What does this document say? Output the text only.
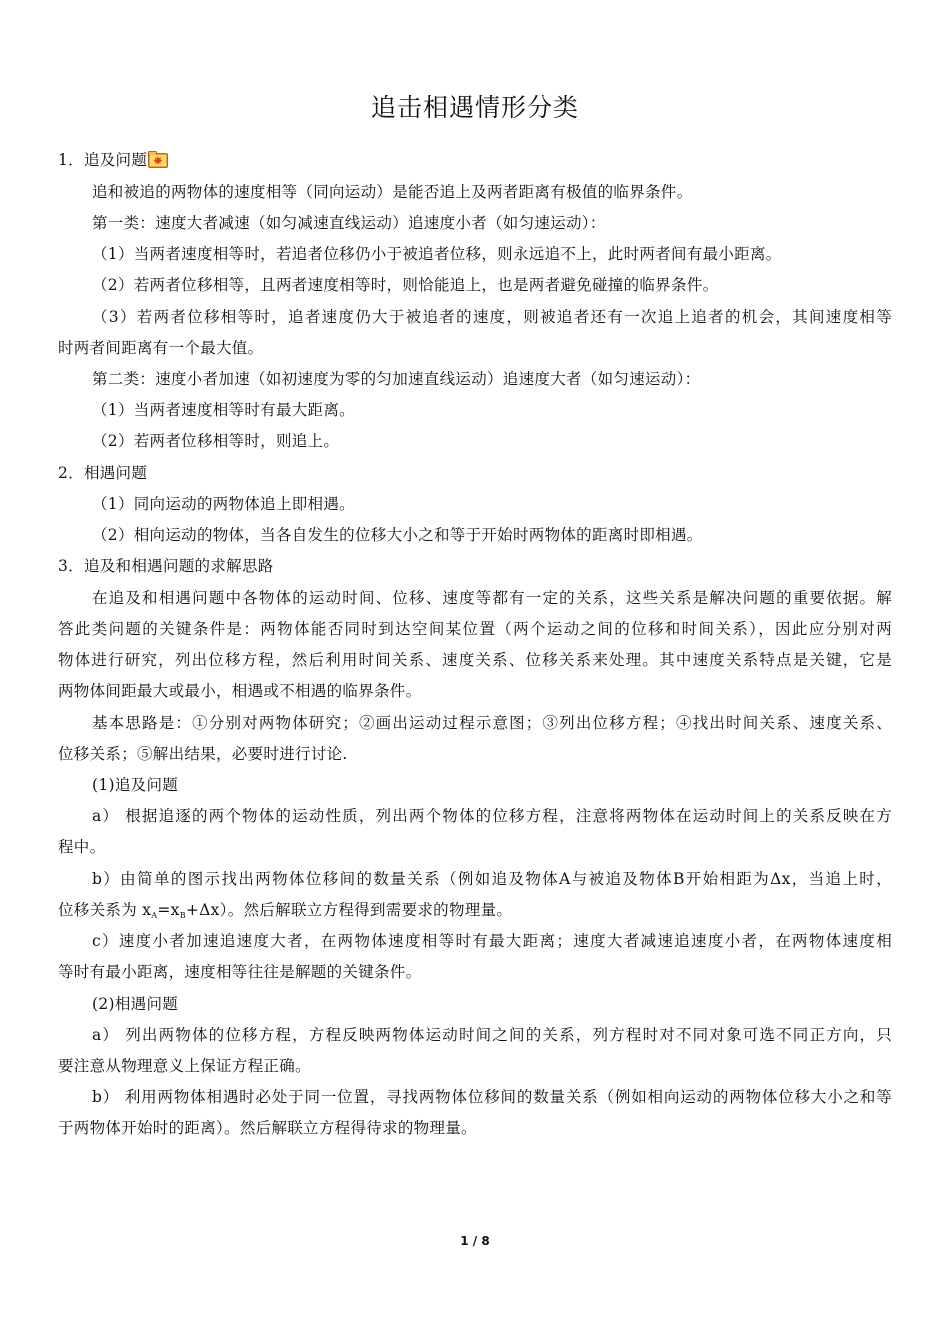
追击相遇情形分类
1．追及问题
追和被追的两物体的速度相等（同向运动）是能否追上及两者距离有极值的临界条件。
第一类：速度大者减速（如匀减速直线运动）追速度小者（如匀速运动）：
（1）当两者速度相等时，若追者位移仍小于被追者位移，则永远追不上，此时两者间有最小距离。
（2）若两者位移相等，且两者速度相等时，则恰能追上，也是两者避免碰撞的临界条件。
（3）若两者位移相等时，追者速度仍大于被追者的速度，则被追者还有一次追上追者的机会，其间速度相等
时两者间距离有一个最大值。
第二类：速度小者加速（如初速度为零的匀加速直线运动）追速度大者（如匀速运动）：
（1）当两者速度相等时有最大距离。
（2）若两者位移相等时，则追上。
2．相遇问题
（1）同向运动的两物体追上即相遇。
（2）相向运动的物体，当各自发生的位移大小之和等于开始时两物体的距离时即相遇。
3．追及和相遇问题的求解思路
在追及和相遇问题中各物体的运动时间、位移、速度等都有一定的关系，这些关系是解决问题的重要依据。解
答此类问题的关键条件是：两物体能否同时到达空间某位置（两个运动之间的位移和时间关系），因此应分别对两
物体进行研究，列出位移方程，然后利用时间关系、速度关系、位移关系来处理。其中速度关系特点是关键，它是
两物体间距最大或最小，相遇或不相遇的临界条件。
基本思路是：①分别对两物体研究；②画出运动过程示意图；③列出位移方程；④找出时间关系、速度关系、
位移关系；⑤解出结果，必要时进行讨论.
(1)追及问题
a） 根据追逐的两个物体的运动性质，列出两个物体的位移方程，注意将两物体在运动时间上的关系反映在方
程中。
b）由简单的图示找出两物体位移间的数量关系（例如追及物体A与被追及物体B开始相距为Δx，当追上时，
位移关系为 $x_A=x_B+\Delta x$）。然后解联立方程得到需要求的物理量。
c）速度小者加速追速度大者，在两物体速度相等时有最大距离；速度大者减速追速度小者，在两物体速度相
等时有最小距离，速度相等往往是解题的关键条件。
(2)相遇问题
a） 列出两物体的位移方程，方程反映两物体运动时间之间的关系，列方程时对不同对象可选不同正方向，只
要注意从物理意义上保证方程正确。
b） 利用两物体相遇时必处于同一位置，寻找两物体位移间的数量关系（例如相向运动的两物体位移大小之和等
于两物体开始时的距离）。然后解联立方程得待求的物理量。
1 / 8
